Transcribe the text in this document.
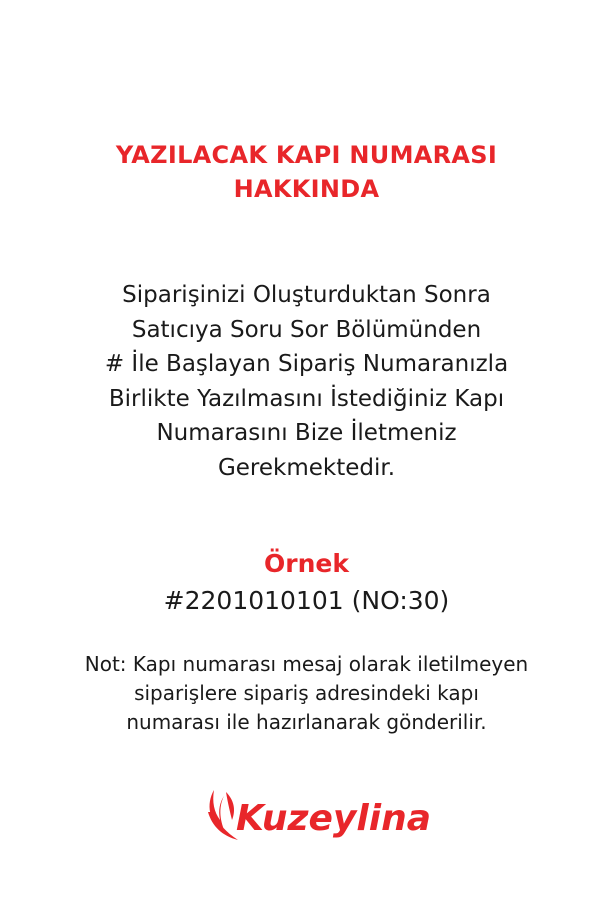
YAZILACAK KAPI NUMARASI
HAKKINDA
Siparişinizi Oluşturduktan Sonra
Satıcıya Soru Sor Bölümünden
# İle Başlayan Sipariş Numaranızla
Birlikte Yazılmasını İstediğiniz Kapı
Numarasını Bize İletmeniz
Gerekmektedir.
Örnek
#2201010101 (NO:30)
Not: Kapı numarası mesaj olarak iletilmeyen
siparişlere sipariş adresindeki kapı
numarası ile hazırlanarak gönderilir.
Kuzeylina
